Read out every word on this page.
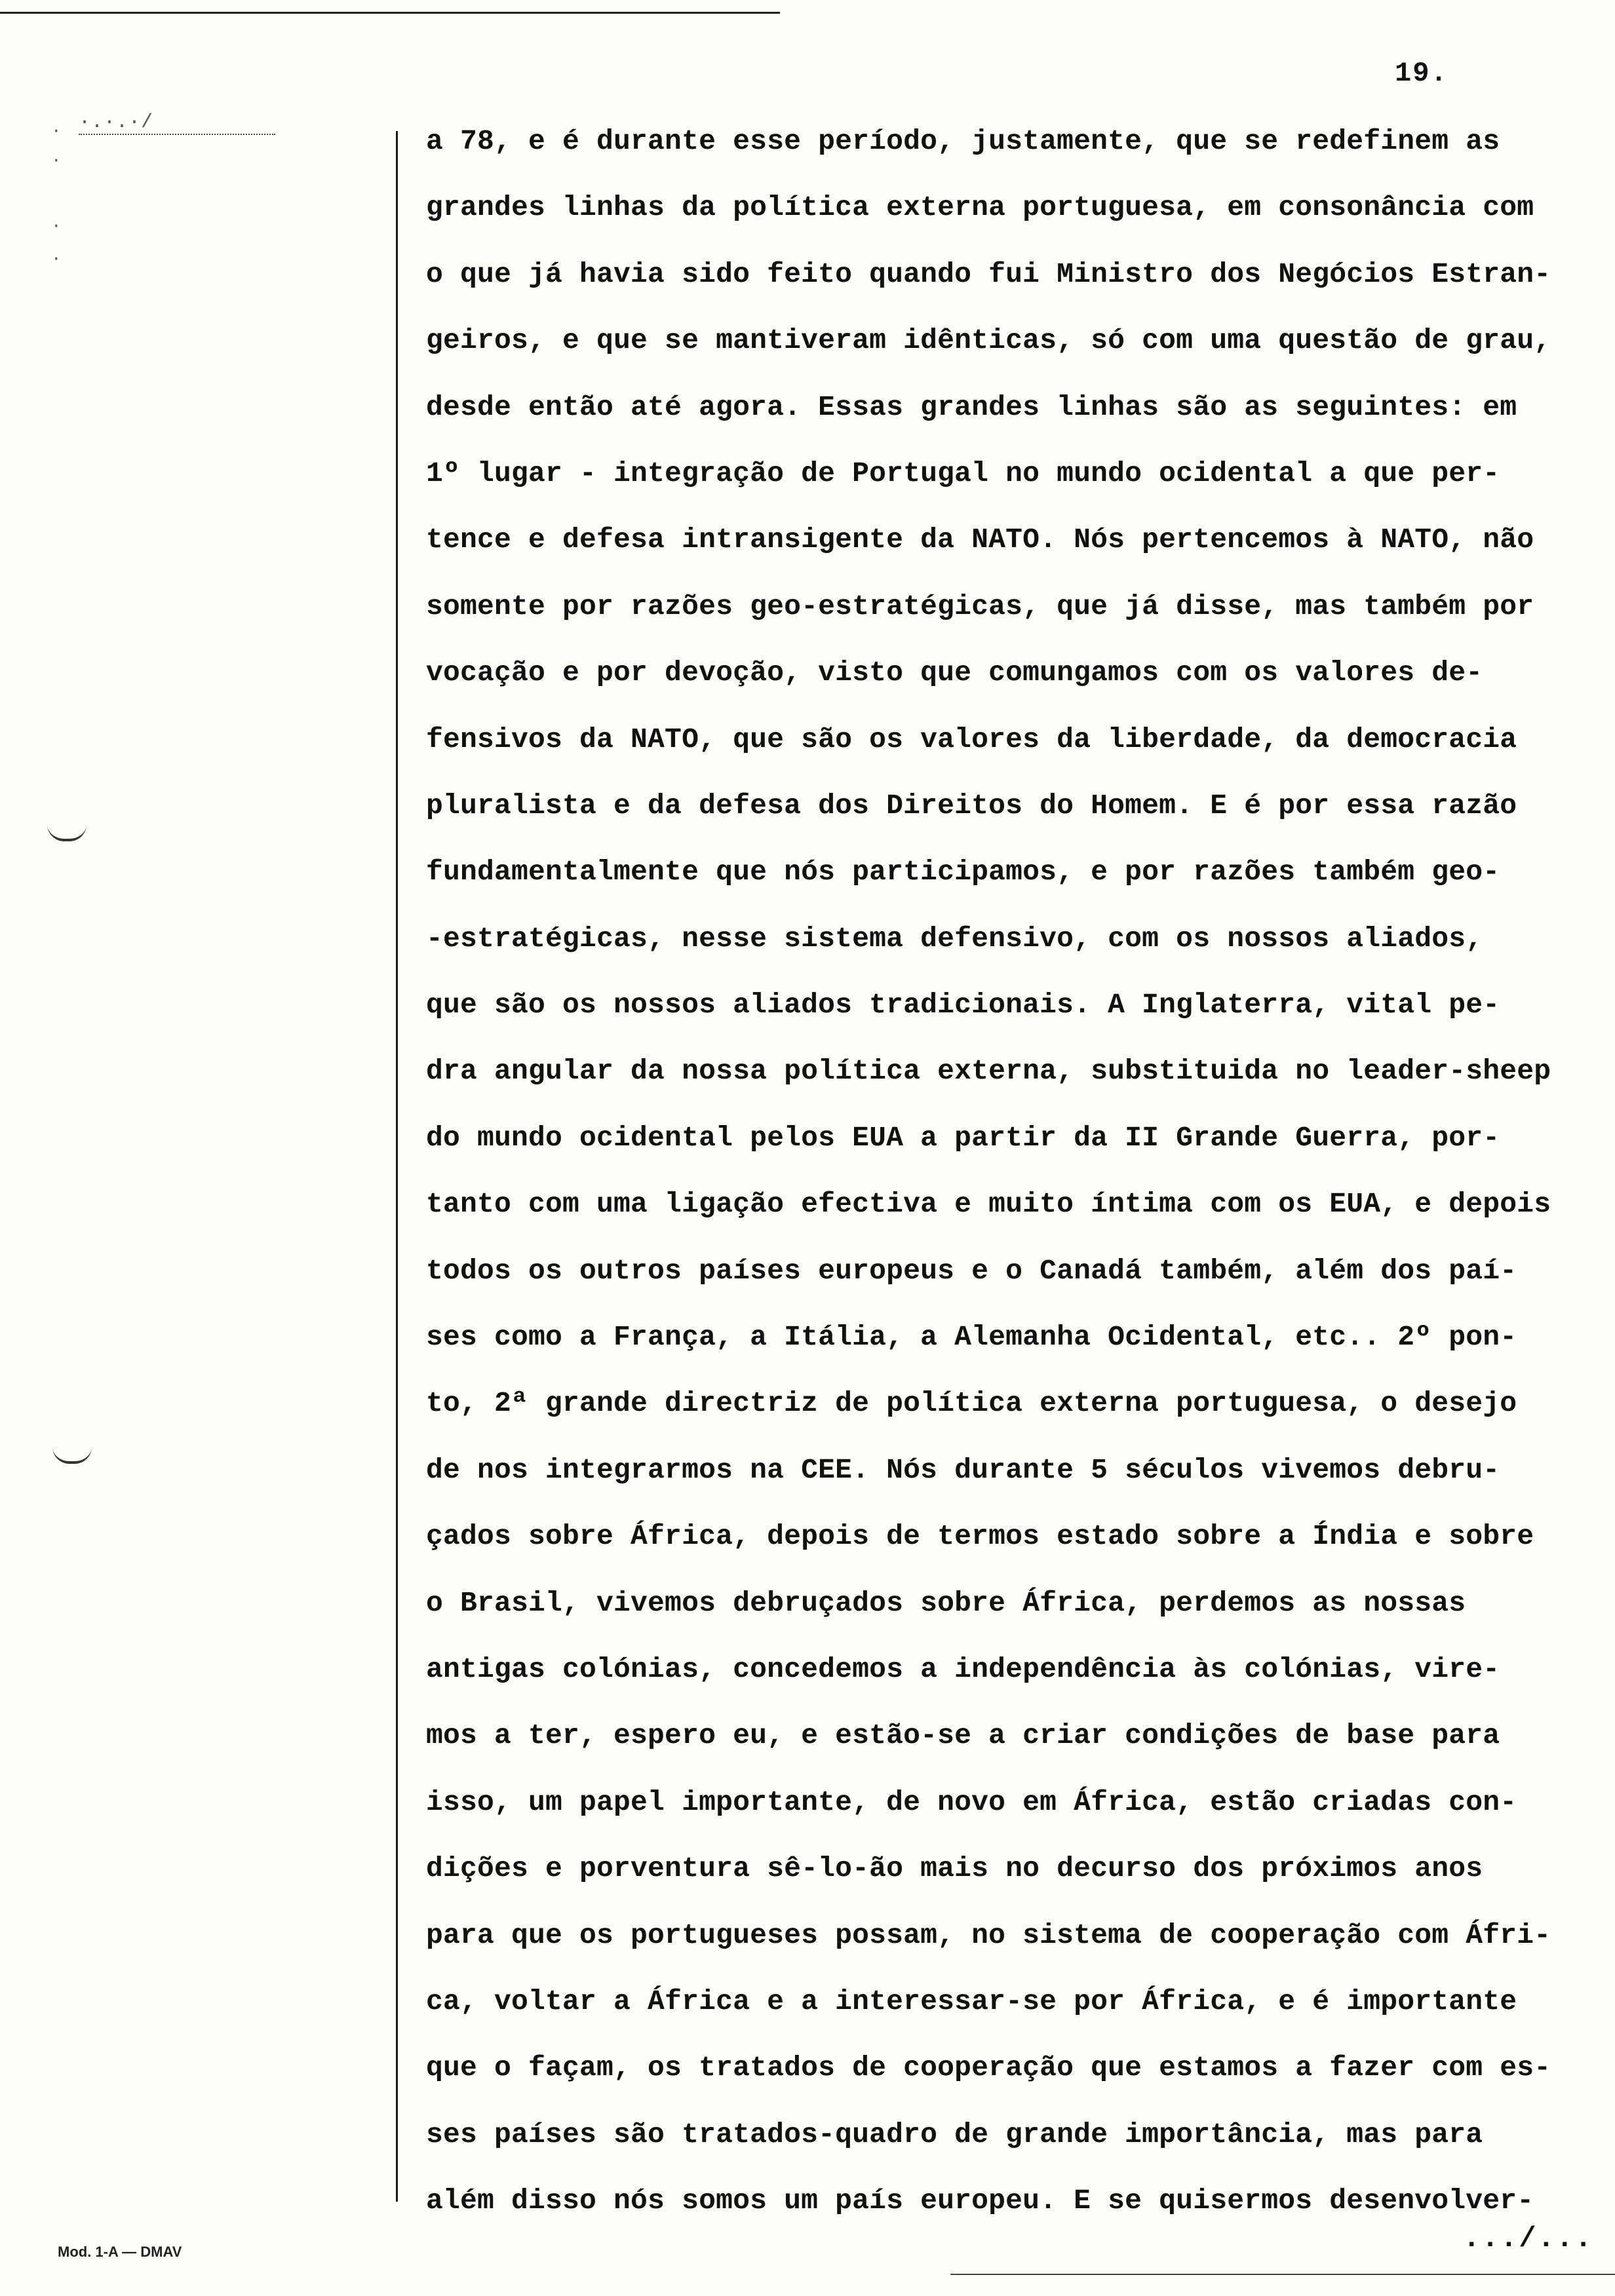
·.·.·/
·
·
·
·
19.
a 78, e é durante esse período, justamente, que se redefinem as
grandes linhas da política externa portuguesa, em consonância com
o que já havia sido feito quando fui Ministro dos Negócios Estran-
geiros, e que se mantiveram idênticas, só com uma questão de grau,
desde então até agora. Essas grandes linhas são as seguintes: em
1º lugar - integração de Portugal no mundo ocidental a que per-
tence e defesa intransigente da NATO. Nós pertencemos à NATO, não
somente por razões geo-estratégicas, que já disse, mas também por
vocação e por devoção, visto que comungamos com os valores de-
fensivos da NATO, que são os valores da liberdade, da democracia
pluralista e da defesa dos Direitos do Homem. E é por essa razão
fundamentalmente que nós participamos, e por razões também geo-
-estratégicas, nesse sistema defensivo, com os nossos aliados,
que são os nossos aliados tradicionais. A Inglaterra, vital pe-
dra angular da nossa política externa, substituida no leader-sheep
do mundo ocidental pelos EUA a partir da II Grande Guerra, por-
tanto com uma ligação efectiva e muito íntima com os EUA, e depois
todos os outros países europeus e o Canadá também, além dos paí-
ses como a França, a Itália, a Alemanha Ocidental, etc.. 2º pon-
to, 2ª grande directriz de política externa portuguesa, o desejo
de nos integrarmos na CEE. Nós durante 5 séculos vivemos debru-
çados sobre África, depois de termos estado sobre a Índia e sobre
o Brasil, vivemos debruçados sobre África, perdemos as nossas
antigas colónias, concedemos a independência às colónias, vire-
mos a ter, espero eu, e estão-se a criar condições de base para
isso, um papel importante, de novo em África, estão criadas con-
dições e porventura sê-lo-ão mais no decurso dos próximos anos
para que os portugueses possam, no sistema de cooperação com Áfri-
ca, voltar a África e a interessar-se por África, e é importante
que o façam, os tratados de cooperação que estamos a fazer com es-
ses países são tratados-quadro de grande importância, mas para
além disso nós somos um país europeu. E se quisermos desenvolver-
.../...
Mod. 1-A — DMAV
